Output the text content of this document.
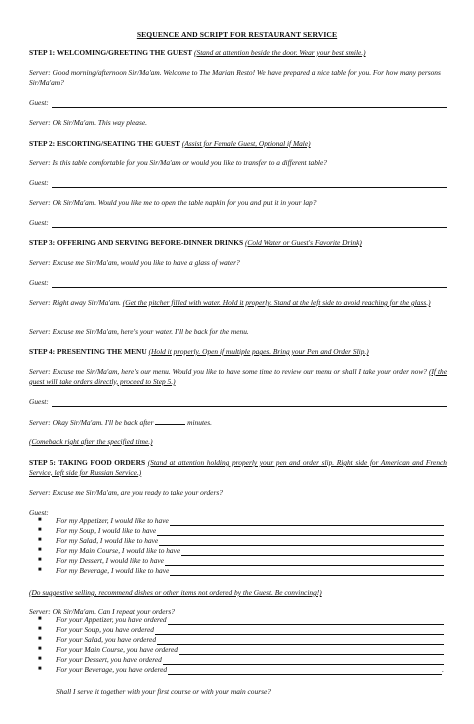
SEQUENCE AND SCRIPT FOR RESTAURANT SERVICE
STEP 1: WELCOMING/GREETING THE GUEST (Stand at attention beside the door. Wear your best smile.)
Server: Good morning/afternoon Sir/Ma'am. Welcome to The Marian Resto! We have prepared a nice table for you. For how many persons Sir/Ma'am?
Guest:
Server: Ok Sir/Ma'am. This way please.
STEP 2: ESCORTING/SEATING THE GUEST (Assist for Female Guest, Optional if Male)
Server: Is this table comfortable for you Sir/Ma'am or would you like to transfer to a different table?
Guest:
Server: Ok Sir/Ma'am. Would you like me to open the table napkin for you and put it in your lap?
Guest:
STEP 3: OFFERING AND SERVING BEFORE-DINNER DRINKS (Cold Water or Guest's Favorite Drink)
Server: Excuse me Sir/Ma'am, would you like to have a glass of water?
Guest:
Server: Right away Sir/Ma'am. (Get the pitcher filled with water. Hold it properly. Stand at the left side to avoid reaching for the glass.)
Server: Excuse me Sir/Ma'am, here's your water. I'll be back for the menu.
STEP 4: PRESENTING THE MENU (Hold it properly. Open if multiple pages. Bring your Pen and Order Slip.)
Server: Excuse me Sir/Ma'am, here's our menu. Would you like to have some time to review our menu or shall I take your order now? (If the guest will take orders directly, proceed to Step 5.)
Guest:
Server: Okay Sir/Ma'am. I'll be back after	minutes.
(Comeback right after the specified time.)
STEP 5: TAKING FOOD ORDERS (Stand at attention holding properly your pen and order slip. Right side for American and French Service, left side for Russian Service.)
Server: Excuse me Sir/Ma'am, are you ready to take your orders?
Guest:
■	For my Appetizer, I would like to have
■	For my Soup, I would like to have
■	For my Salad, I would like to have
■	For my Main Course, I would like to have
■	For my Dessert, I would like to have
■	For my Beverage, I would like to have
(Do suggestive selling, recommend dishes or other items not ordered by the Guest. Be convincing!)
Server: Ok Sir/Ma'am. Can I repeat your orders?
■	For your Appetizer, you have ordered
■	For your Soup, you have ordered
■	For your Salad, you have ordered
■	For your Main Course, you have ordered
■	For your Dessert, you have ordered
■	For your Beverage, you have ordered	.
Shall I serve it together with your first course or with your main course?
